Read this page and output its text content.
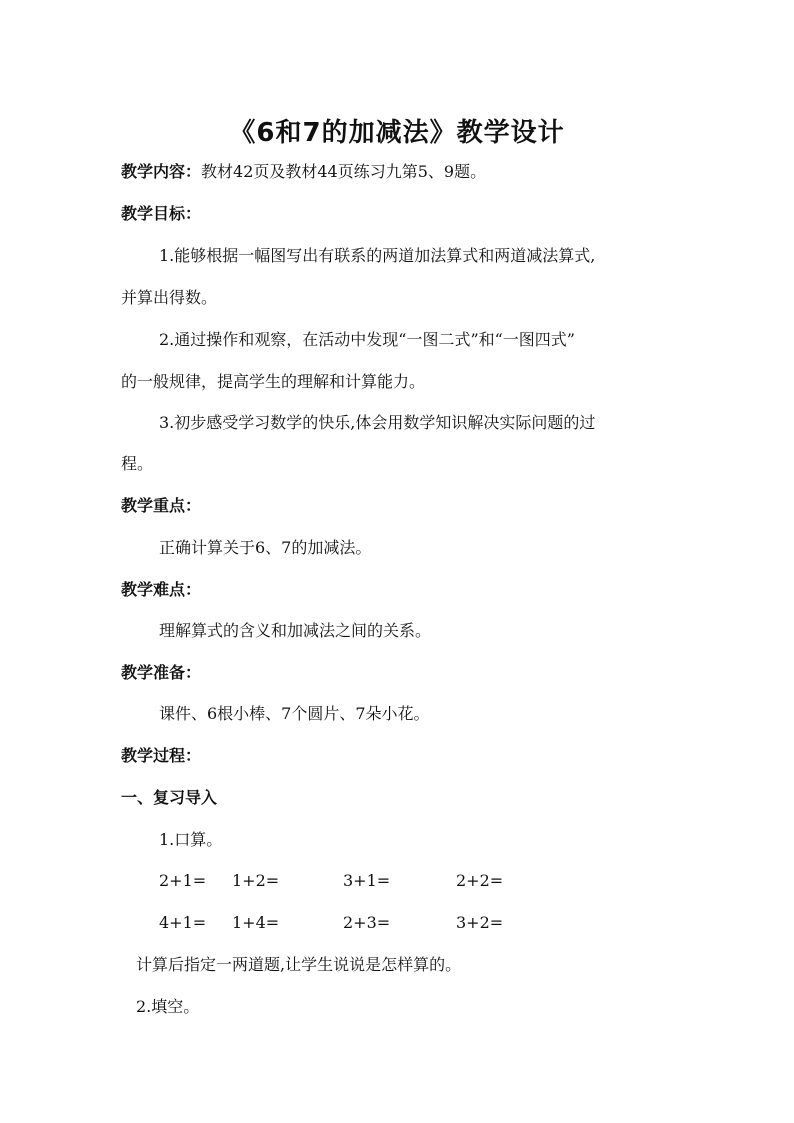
《6和7的加减法》教学设计
教学内容：教材42页及教材44页练习九第5、9题。
教学目标：
1.能够根据一幅图写出有联系的两道加法算式和两道减法算式,
并算出得数。
2.通过操作和观察，在活动中发现“一图二式”和“一图四式”
的一般规律，提高学生的理解和计算能力。
3.初步感受学习数学的快乐,体会用数学知识解决实际问题的过
程。
教学重点：
正确计算关于6、7的加减法。
教学难点：
理解算式的含义和加减法之间的关系。
教学准备：
课件、6根小棒、7个圆片、7朵小花。
教学过程：
一、复习导入
1.口算。
2+1= 1+2=	3+1=	2+2=
4+1= 1+4=	2+3=	3+2=
计算后指定一两道题,让学生说说是怎样算的。
2.填空。
